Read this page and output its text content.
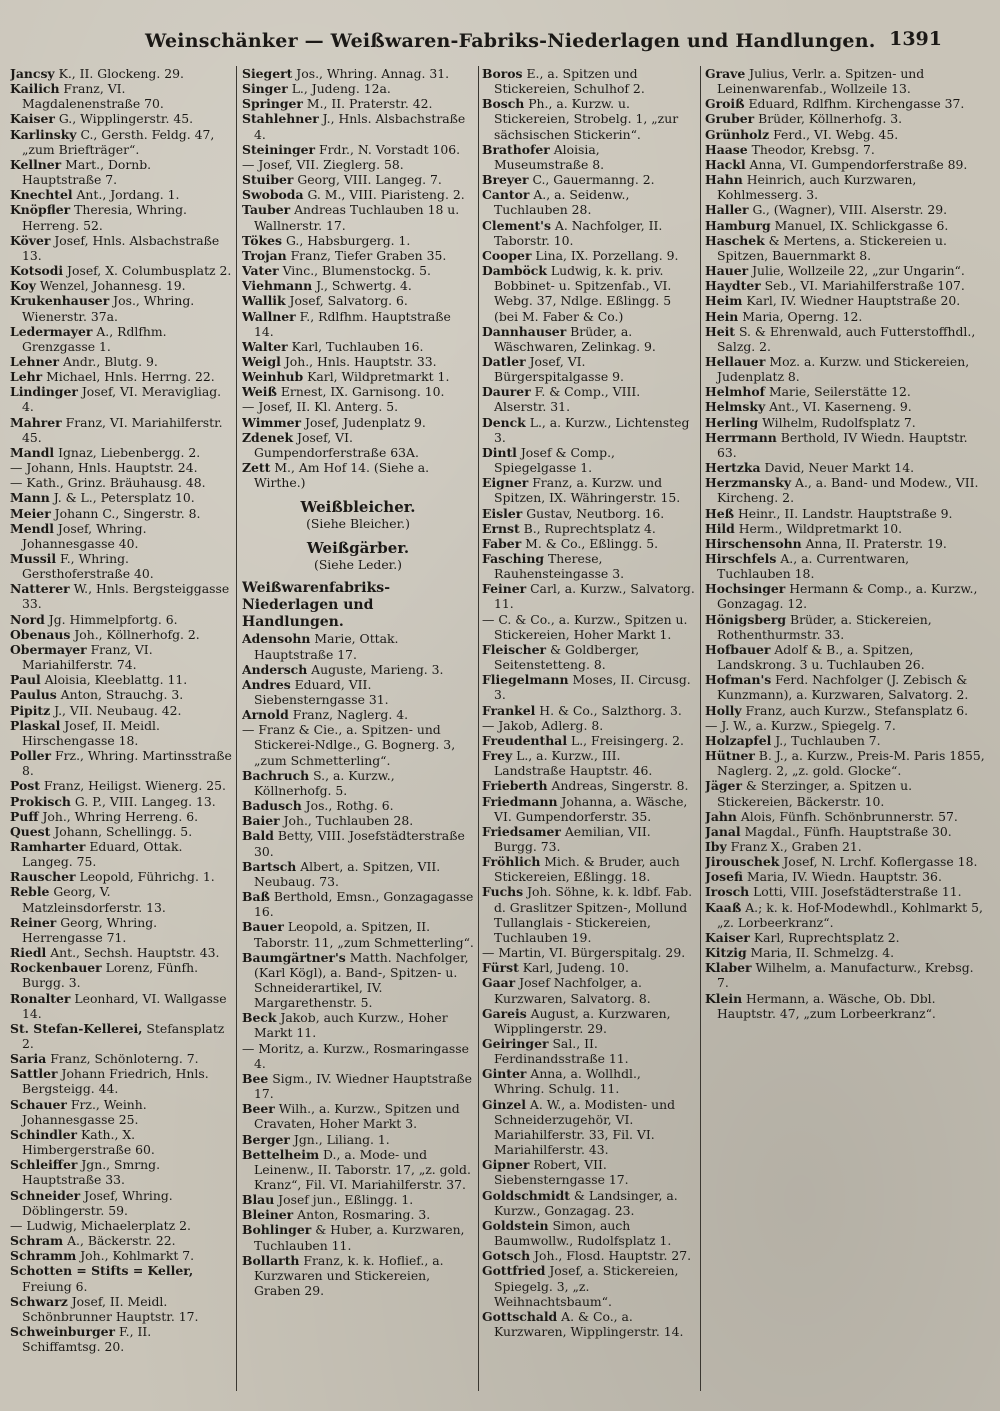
Weinschänker — Weißwaren-Fabriks-Niederlagen und Handlungen. 1391

Jancsy K., II. Glockeng. 29.

Kailich Franz, VI. Magdalenenstraße 70.

Kaiser G., Wipplingerstr. 45.

Karlinsky C., Gersth. Feldg. 47, „zum Briefträger“.

Kellner Mart., Dornb. Hauptstraße 7.

Knechtel Ant., Jordang. 1.

Knöpfler Theresia, Whring. Herreng. 52.

Köver Josef, Hnls. Alsbachstraße 13.

Kotsodi Josef, X. Columbusplatz 2.

Koy Wenzel, Johannesg. 19.

Krukenhauser Jos., Whring. Wienerstr. 37a.

Ledermayer A., Rdlfhm. Grenzgasse 1.

Lehner Andr., Blutg. 9.

Lehr Michael, Hnls. Herrng. 22.

Lindinger Josef, VI. Meravigliag. 4.

Mahrer Franz, VI. Mariahilferstr. 45.

Mandl Ignaz, Liebenbergg. 2.

— Johann, Hnls. Hauptstr. 24.

— Kath., Grinz. Bräuhausg. 48.

Mann J. & L., Petersplatz 10.

Meier Johann C., Singerstr. 8.

Mendl Josef, Whring. Johannesgasse 40.

Mussil F., Whring. Gersthoferstraße 40.

Natterer W., Hnls. Bergsteiggasse 33.

Nord Jg. Himmelpfortg. 6.

Obenaus Joh., Köllnerhofg. 2.

Obermayer Franz, VI. Mariahilferstr. 74.

Paul Aloisia, Kleeblattg. 11.

Paulus Anton, Strauchg. 3.

Pipitz J., VII. Neubaug. 42.

Plaskal Josef, II. Meidl. Hirschengasse 18.

Poller Frz., Whring. Martinsstraße 8.

Post Franz, Heiligst. Wienerg. 25.

Prokisch G. P., VIII. Langeg. 13.

Puff Joh., Whring Herreng. 6.

Quest Johann, Schellingg. 5.

Ramharter Eduard, Ottak. Langeg. 75.

Rauscher Leopold, Führichg. 1.

Reble Georg, V. Matzleinsdorferstr. 13.

Reiner Georg, Whring. Herrengasse 71.

Riedl Ant., Sechsh. Hauptstr. 43.

Rockenbauer Lorenz, Fünfh. Burgg. 3.

Ronalter Leonhard, VI. Wallgasse 14.

St. Stefan-Kellerei, Stefansplatz 2.

Saria Franz, Schönloterng. 7.

Sattler Johann Friedrich, Hnls. Bergsteigg. 44.

Schauer Frz., Weinh. Johannesgasse 25.

Schindler Kath., X. Himbergerstraße 60.

Schleiffer Jgn., Smrng. Hauptstraße 33.

Schneider Josef, Whring. Döblingerstr. 59.

— Ludwig, Michaelerplatz 2.

Schram A., Bäckerstr. 22.

Schramm Joh., Kohlmarkt 7.

Schotten = Stifts = Keller, Freiung 6.

Schwarz Josef, II. Meidl. Schönbrunner Hauptstr. 17.

Schweinburger F., II. Schiffamtsg. 20.

Siegert Jos., Whring. Annag. 31.

Singer L., Judeng. 12a.

Springer M., II. Praterstr. 42.

Stahlehner J., Hnls. Alsbachstraße 4.

Steininger Frdr., N. Vorstadt 106.

— Josef, VII. Zieglerg. 58.

Stuiber Georg, VIII. Langeg. 7.

Swoboda G. M., VIII. Piaristeng. 2.

Tauber Andreas Tuchlauben 18 u. Wallnerstr. 17.

Tökes G., Habsburgerg. 1.

Trojan Franz, Tiefer Graben 35.

Vater Vinc., Blumenstockg. 5.

Viehmann J., Schwertg. 4.

Wallik Josef, Salvatorg. 6.

Wallner F., Rdlfhm. Hauptstraße 14.

Walter Karl, Tuchlauben 16.

Weigl Joh., Hnls. Hauptstr. 33.

Weinhub Karl, Wildpretmarkt 1.

Weiß Ernest, IX. Garnisong. 10.

— Josef, II. Kl. Anterg. 5.

Wimmer Josef, Judenplatz 9.

Zdenek Josef, VI. Gumpendorferstraße 63A.

Zett M., Am Hof 14. (Siehe a. Wirthe.)

Weißbleicher.
(Siehe Bleicher.)
Weißgärber.
(Siehe Leder.)
Weißwarenfabriks-Niederlagen und Handlungen.

Adensohn Marie, Ottak. Hauptstraße 17.

Andersch Auguste, Marieng. 3.

Andres Eduard, VII. Siebensterngasse 31.

Arnold Franz, Naglerg. 4.

— Franz & Cie., a. Spitzen- und Stickerei-Ndlge., G. Bognerg. 3, „zum Schmetterling“.

Bachruch S., a. Kurzw., Köllnerhofg. 5.

Badusch Jos., Rothg. 6.

Baier Joh., Tuchlauben 28.

Bald Betty, VIII. Josefstädterstraße 30.

Bartsch Albert, a. Spitzen, VII. Neubaug. 73.

Baß Berthold, Emsn., Gonzagagasse 16.

Bauer Leopold, a. Spitzen, II. Taborstr. 11, „zum Schmetterling“.

Baumgärtner's Matth. Nachfolger, (Karl Kögl), a. Band-, Spitzen- u. Schneiderartikel, IV. Margarethenstr. 5.

Beck Jakob, auch Kurzw., Hoher Markt 11.

— Moritz, a. Kurzw., Rosmaringasse 4.

Bee Sigm., IV. Wiedner Hauptstraße 17.

Beer Wilh., a. Kurzw., Spitzen und Cravaten, Hoher Markt 3.

Berger Jgn., Liliang. 1.

Bettelheim D., a. Mode- und Leinenw., II. Taborstr. 17, „z. gold. Kranz“, Fil. VI. Mariahilferstr. 37.

Blau Josef jun., Eßlingg. 1.

Bleiner Anton, Rosmaring. 3.

Bohlinger & Huber, a. Kurzwaren, Tuchlauben 11.

Bollarth Franz, k. k. Hoflief., a. Kurzwaren und Stickereien, Graben 29.

Boros E., a. Spitzen und Stickereien, Schulhof 2.

Bosch Ph., a. Kurzw. u. Stickereien, Strobelg. 1, „zur sächsischen Stickerin“.

Brathofer Aloisia, Museumstraße 8.

Breyer C., Gauermanng. 2.

Cantor A., a. Seidenw., Tuchlauben 28.

Clement's A. Nachfolger, II. Taborstr. 10.

Cooper Lina, IX. Porzellang. 9.

Damböck Ludwig, k. k. priv. Bobbinet- u. Spitzenfab., VI. Webg. 37, Ndlge. Eßlingg. 5 (bei M. Faber & Co.)

Dannhauser Brüder, a. Wäschwaren, Zelinkag. 9.

Datler Josef, VI. Bürgerspitalgasse 9.

Daurer F. & Comp., VIII. Alserstr. 31.

Denck L., a. Kurzw., Lichtensteg 3.

Dintl Josef & Comp., Spiegelgasse 1.

Eigner Franz, a. Kurzw. und Spitzen, IX. Währingerstr. 15.

Eisler Gustav, Neutborg. 16.

Ernst B., Ruprechtsplatz 4.

Faber M. & Co., Eßlingg. 5.

Fasching Therese, Rauhensteingasse 3.

Feiner Carl, a. Kurzw., Salvatorg. 11.

— C. & Co., a. Kurzw., Spitzen u. Stickereien, Hoher Markt 1.

Fleischer & Goldberger, Seitenstetteng. 8.

Fliegelmann Moses, II. Circusg. 3.

Frankel H. & Co., Salzthorg. 3.

— Jakob, Adlerg. 8.

Freudenthal L., Freisingerg. 2.

Frey L., a. Kurzw., III. Landstraße Hauptstr. 46.

Frieberth Andreas, Singerstr. 8.

Friedmann Johanna, a. Wäsche, VI. Gumpendorferstr. 35.

Friedsamer Aemilian, VII. Burgg. 73.

Fröhlich Mich. & Bruder, auch Stickereien, Eßlingg. 18.

Fuchs Joh. Söhne, k. k. ldbf. Fab. d. Graslitzer Spitzen-, Mollund Tullanglais - Stickereien, Tuchlauben 19.

— Martin, VI. Bürgerspitalg. 29.

Fürst Karl, Judeng. 10.

Gaar Josef Nachfolger, a. Kurzwaren, Salvatorg. 8.

Gareis August, a. Kurzwaren, Wipplingerstr. 29.

Geiringer Sal., II. Ferdinandsstraße 11.

Ginter Anna, a. Wollhdl., Whring. Schulg. 11.

Ginzel A. W., a. Modisten- und Schneiderzugehör, VI. Mariahilferstr. 33, Fil. VI. Mariahilferstr. 43.

Gipner Robert, VII. Siebensterngasse 17.

Goldschmidt & Landsinger, a. Kurzw., Gonzagag. 23.

Goldstein Simon, auch Baumwollw., Rudolfsplatz 1.

Gotsch Joh., Flosd. Hauptstr. 27.

Gottfried Josef, a. Stickereien, Spiegelg. 3, „z. Weihnachtsbaum“.

Gottschald A. & Co., a. Kurzwaren, Wipplingerstr. 14.

Grave Julius, Verlr. a. Spitzen- und Leinenwarenfab., Wollzeile 13.

Groiß Eduard, Rdlfhm. Kirchengasse 37.

Gruber Brüder, Köllnerhofg. 3.

Grünholz Ferd., VI. Webg. 45.

Haase Theodor, Krebsg. 7.

Hackl Anna, VI. Gumpendorferstraße 89.

Hahn Heinrich, auch Kurzwaren, Kohlmesserg. 3.

Haller G., (Wagner), VIII. Alserstr. 29.

Hamburg Manuel, IX. Schlickgasse 6.

Haschek & Mertens, a. Stickereien u. Spitzen, Bauernmarkt 8.

Hauer Julie, Wollzeile 22, „zur Ungarin“.

Haydter Seb., VI. Mariahilferstraße 107.

Heim Karl, IV. Wiedner Hauptstraße 20.

Hein Maria, Operng. 12.

Heit S. & Ehrenwald, auch Futterstoffhdl., Salzg. 2.

Hellauer Moz. a. Kurzw. und Stickereien, Judenplatz 8.

Helmhof Marie, Seilerstätte 12.

Helmsky Ant., VI. Kaserneng. 9.

Herling Wilhelm, Rudolfsplatz 7.

Herrmann Berthold, IV Wiedn. Hauptstr. 63.

Hertzka David, Neuer Markt 14.

Herzmansky A., a. Band- und Modew., VII. Kircheng. 2.

Heß Heinr., II. Landstr. Hauptstraße 9.

Hild Herm., Wildpretmarkt 10.

Hirschensohn Anna, II. Praterstr. 19.

Hirschfels A., a. Currentwaren, Tuchlauben 18.

Hochsinger Hermann & Comp., a. Kurzw., Gonzagag. 12.

Hönigsberg Brüder, a. Stickereien, Rothenthurmstr. 33.

Hofbauer Adolf & B., a. Spitzen, Landskrong. 3 u. Tuchlauben 26.

Hofman's Ferd. Nachfolger (J. Zebisch & Kunzmann), a. Kurzwaren, Salvatorg. 2.

Holly Franz, auch Kurzw., Stefansplatz 6.

— J. W., a. Kurzw., Spiegelg. 7.

Holzapfel J., Tuchlauben 7.

Hütner B. J., a. Kurzw., Preis-M. Paris 1855, Naglerg. 2, „z. gold. Glocke“.

Jäger & Sterzinger, a. Spitzen u. Stickereien, Bäckerstr. 10.

Jahn Alois, Fünfh. Schönbrunnerstr. 57.

Janal Magdal., Fünfh. Hauptstraße 30.

Iby Franz X., Graben 21.

Jirouschek Josef, N. Lrchf. Koflergasse 18.

Josefi Maria, IV. Wiedn. Hauptstr. 36.

Irosch Lotti, VIII. Josefstädterstraße 11.

Kaaß A.; k. k. Hof-Modewhdl., Kohlmarkt 5, „z. Lorbeerkranz“.

Kaiser Karl, Ruprechtsplatz 2.

Kitzig Maria, II. Schmelzg. 4.

Klaber Wilhelm, a. Manufacturw., Krebsg. 7.

Klein Hermann, a. Wäsche, Ob. Dbl. Hauptstr. 47, „zum Lorbeerkranz“.
